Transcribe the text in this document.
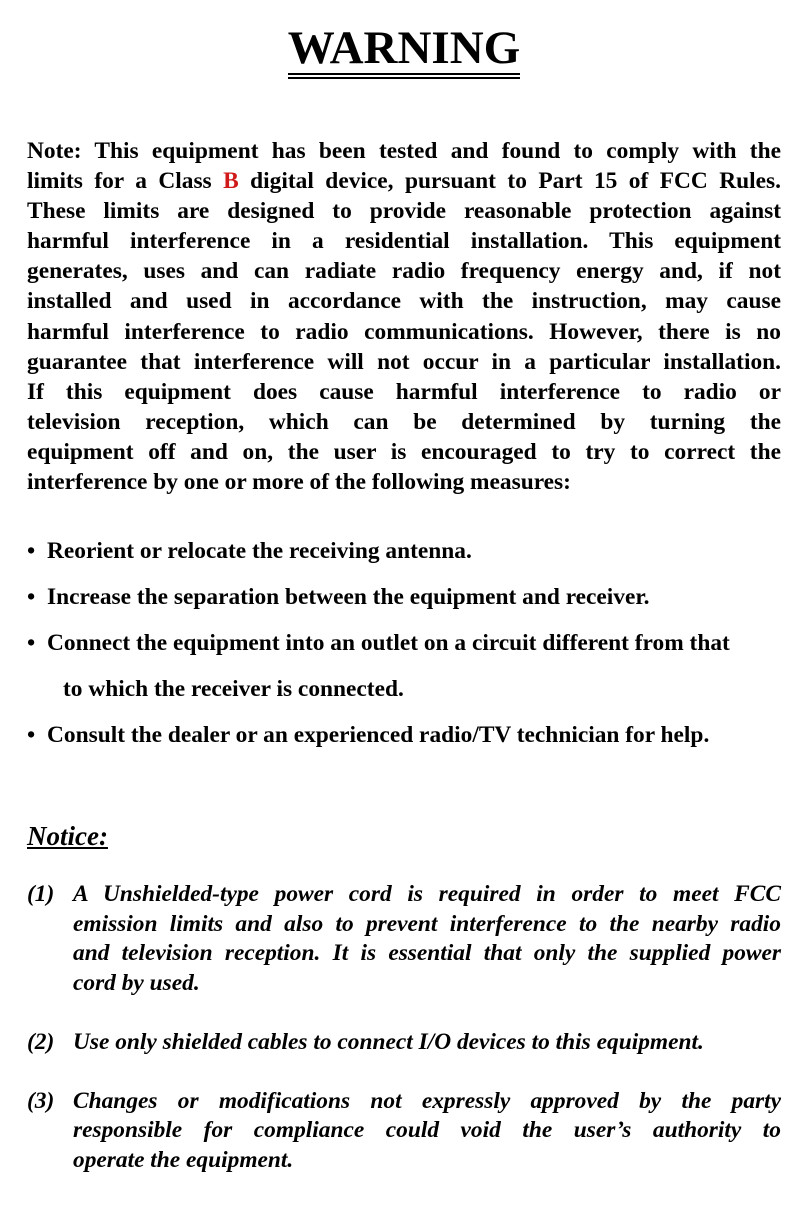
WARNING
Note: This equipment has been tested and found to comply with the
limits for a Class B digital device, pursuant to Part 15 of FCC Rules.
These limits are designed to provide reasonable protection against
harmful interference in a residential installation. This equipment
generates, uses and can radiate radio frequency energy and, if not
installed and used in accordance with the instruction, may cause
harmful interference to radio communications. However, there is no
guarantee that interference will not occur in a particular installation.
If this equipment does cause harmful interference to radio or
television reception, which can be determined by turning the
equipment off and on, the user is encouraged to try to correct the
interference by one or more of the following measures:
• Reorient or relocate the receiving antenna.
• Increase the separation between the equipment and receiver.
• Connect the equipment into an outlet on a circuit different from that
to which the receiver is connected.
• Consult the dealer or an experienced radio/TV technician for help.
Notice:
(1) A Unshielded-type power cord is required in order to meet FCC
emission limits and also to prevent interference to the nearby radio
and television reception. It is essential that only the supplied power
cord by used.
(2) Use only shielded cables to connect I/O devices to this equipment.
(3) Changes or modifications not expressly approved by the party
responsible for compliance could void the user’s authority to
operate the equipment.
